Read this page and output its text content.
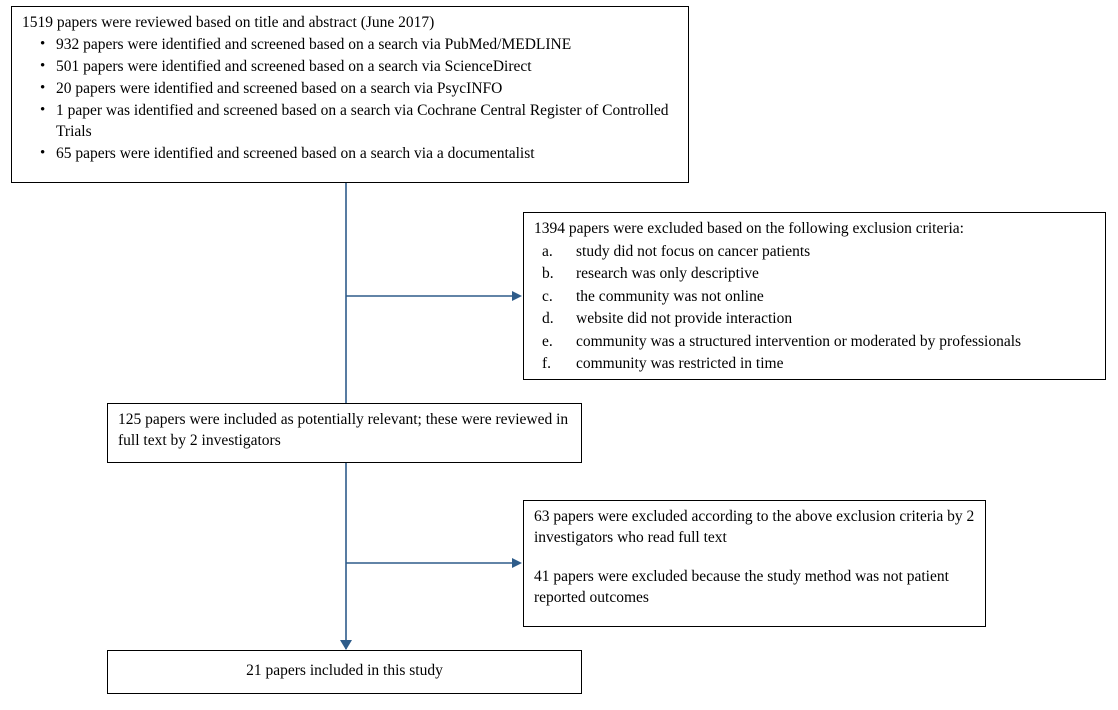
1519 papers were reviewed based on title and abstract (June 2017)
• 932 papers were identified and screened based on a search via PubMed/MEDLINE
• 501 papers were identified and screened based on a search via ScienceDirect
• 20 papers were identified and screened based on a search via PsycINFO
• 1 paper was identified and screened based on a search via Cochrane Central Register of Controlled Trials
• 65 papers were identified and screened based on a search via a documentalist
1394 papers were excluded based on the following exclusion criteria:
study did not focus on cancer patients
research was only descriptive
the community was not online
website did not provide interaction
community was a structured intervention or moderated by professionals
community was restricted in time
125 papers were included as potentially relevant; these were reviewed in full text by 2 investigators

63 papers were excluded according to the above exclusion criteria by 2 investigators who read full text

41 papers were excluded because the study method was not patient reported outcomes

21 papers included in this study
